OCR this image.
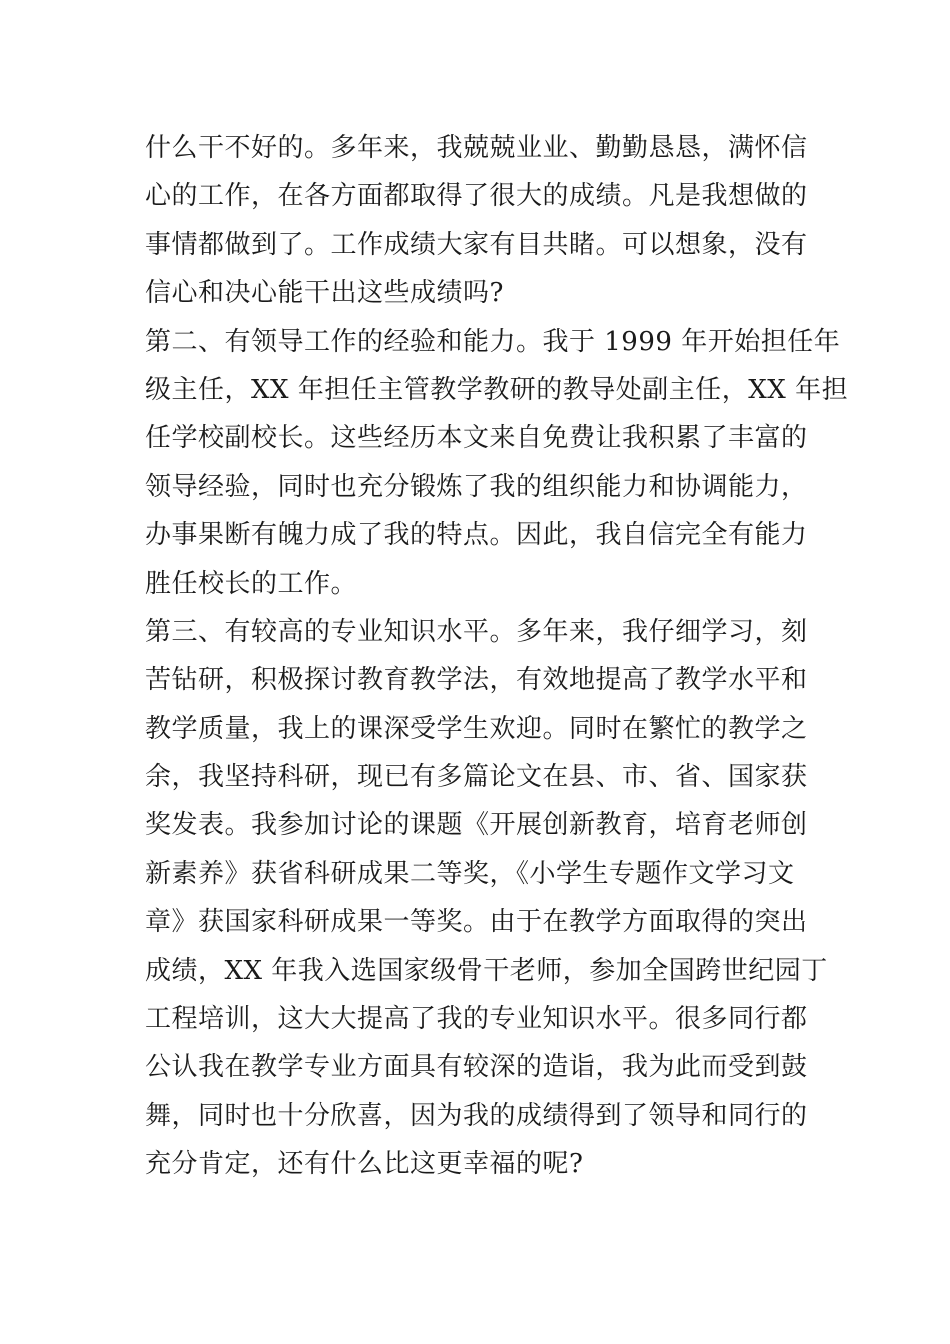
什么干不好的。多年来，我兢兢业业、勤勤恳恳，满怀信
心的工作，在各方面都取得了很大的成绩。凡是我想做的
事情都做到了。工作成绩大家有目共睹。可以想象，没有
信心和决心能干出这些成绩吗?
第二、有领导工作的经验和能力。我于 1999 年开始担任年
级主任，XX 年担任主管教学教研的教导处副主任，XX 年担
任学校副校长。这些经历本文来自免费让我积累了丰富的
领导经验，同时也充分锻炼了我的组织能力和协调能力，
办事果断有魄力成了我的特点。因此，我自信完全有能力
胜任校长的工作。
第三、有较高的专业知识水平。多年来，我仔细学习，刻
苦钻研，积极探讨教育教学法，有效地提高了教学水平和
教学质量，我上的课深受学生欢迎。同时在繁忙的教学之
余，我坚持科研，现已有多篇论文在县、市、省、国家获
奖发表。我参加讨论的课题《开展创新教育，培育老师创
新素养》获省科研成果二等奖，《小学生专题作文学习文
章》获国家科研成果一等奖。由于在教学方面取得的突出
成绩，XX 年我入选国家级骨干老师，参加全国跨世纪园丁
工程培训，这大大提高了我的专业知识水平。很多同行都
公认我在教学专业方面具有较深的造诣，我为此而受到鼓
舞，同时也十分欣喜，因为我的成绩得到了领导和同行的
充分肯定，还有什么比这更幸福的呢?
